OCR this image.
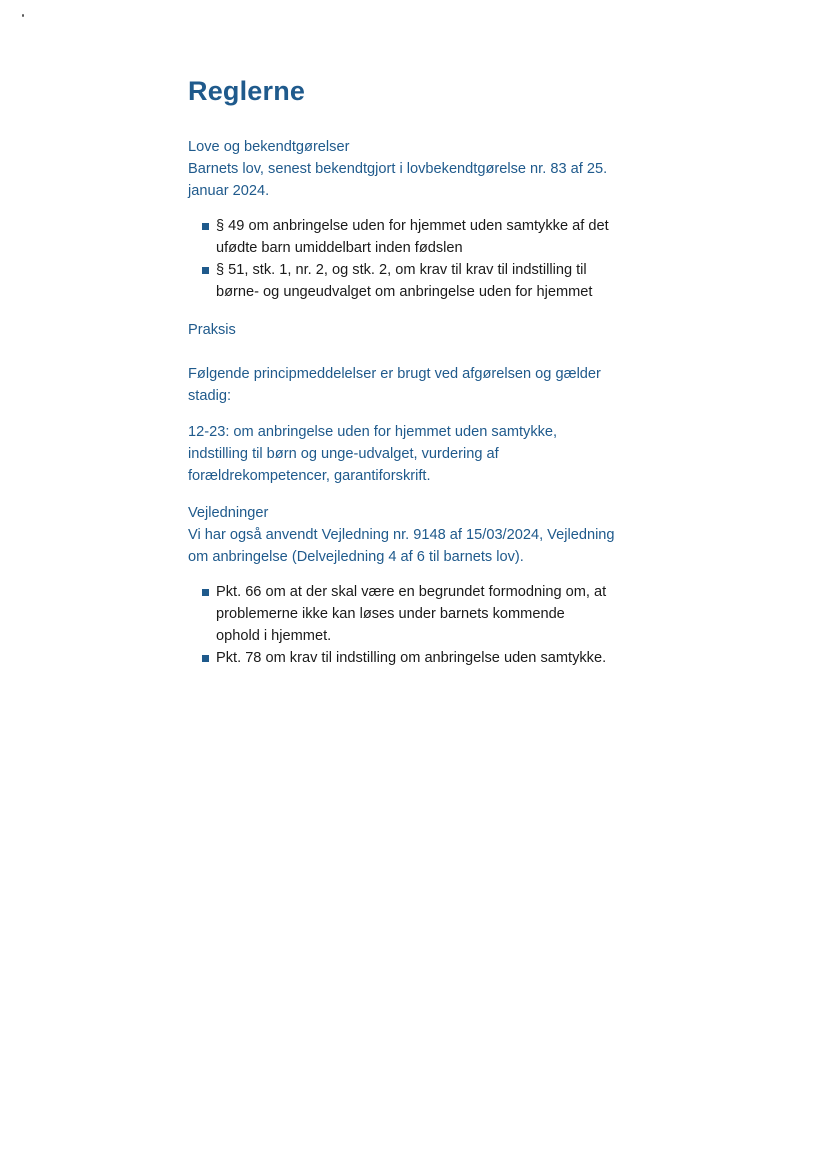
Reglerne
Love og bekendtgørelser
Barnets lov, senest bekendtgjort i lovbekendtgørelse nr. 83 af 25.
januar 2024.
§ 49 om anbringelse uden for hjemmet uden samtykke af det
ufødte barn umiddelbart inden fødslen
§ 51, stk. 1, nr. 2, og stk. 2, om krav til krav til indstilling til
børne- og ungeudvalget om anbringelse uden for hjemmet
Praksis
Følgende principmeddelelser er brugt ved afgørelsen og gælder
stadig:
12-23: om anbringelse uden for hjemmet uden samtykke,
indstilling til børn og unge-udvalget, vurdering af
forældrekompetencer, garantiforskrift.
Vejledninger
Vi har også anvendt Vejledning nr. 9148 af 15/03/2024, Vejledning
om anbringelse (Delvejledning 4 af 6 til barnets lov).
Pkt. 66 om at der skal være en begrundet formodning om, at
problemerne ikke kan løses under barnets kommende
ophold i hjemmet.
Pkt. 78 om krav til indstilling om anbringelse uden samtykke.
